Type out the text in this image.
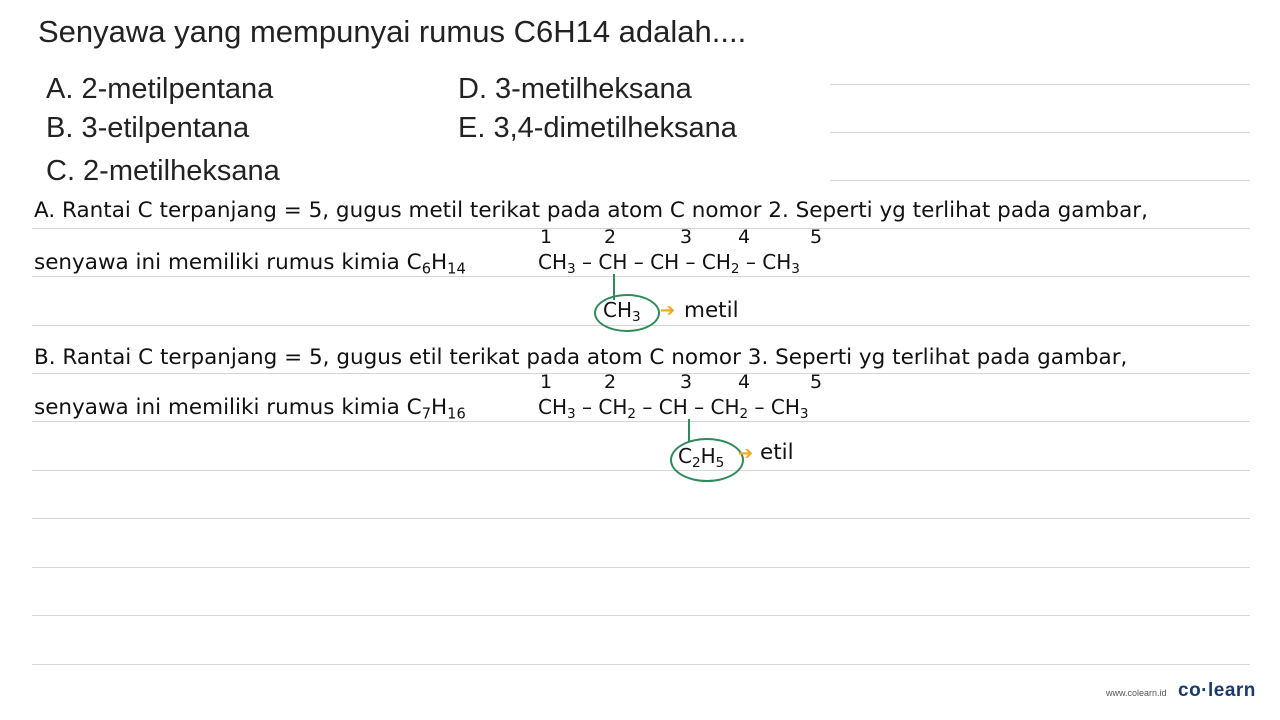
Senyawa yang mempunyai rumus C6H14 adalah....
A. 2-metilpentana
B. 3-etilpentana
C. 2-metilheksana
D. 3-metilheksana
E. 3,4-dimetilheksana
A. Rantai C terpanjang = 5, gugus metil terikat pada atom C nomor 2. Seperti yg terlihat pada gambar,
senyawa ini memiliki rumus kimia $C_6H_{14}$
1	2	3 4	5
$CH_3$ – CH – CH – $CH_2 - CH_3$
$CH_3$ ➔ metil
B. Rantai C terpanjang = 5, gugus etil terikat pada atom C nomor 3. Seperti yg terlihat pada gambar,
senyawa ini memiliki rumus kimia $C_7H_{16}$
1	2	3 4	5
$CH_3 - CH_2$ – CH – $CH_2 - CH_3$
$C_2H_5$ ➔ etil
www.colearn.id co·learn
